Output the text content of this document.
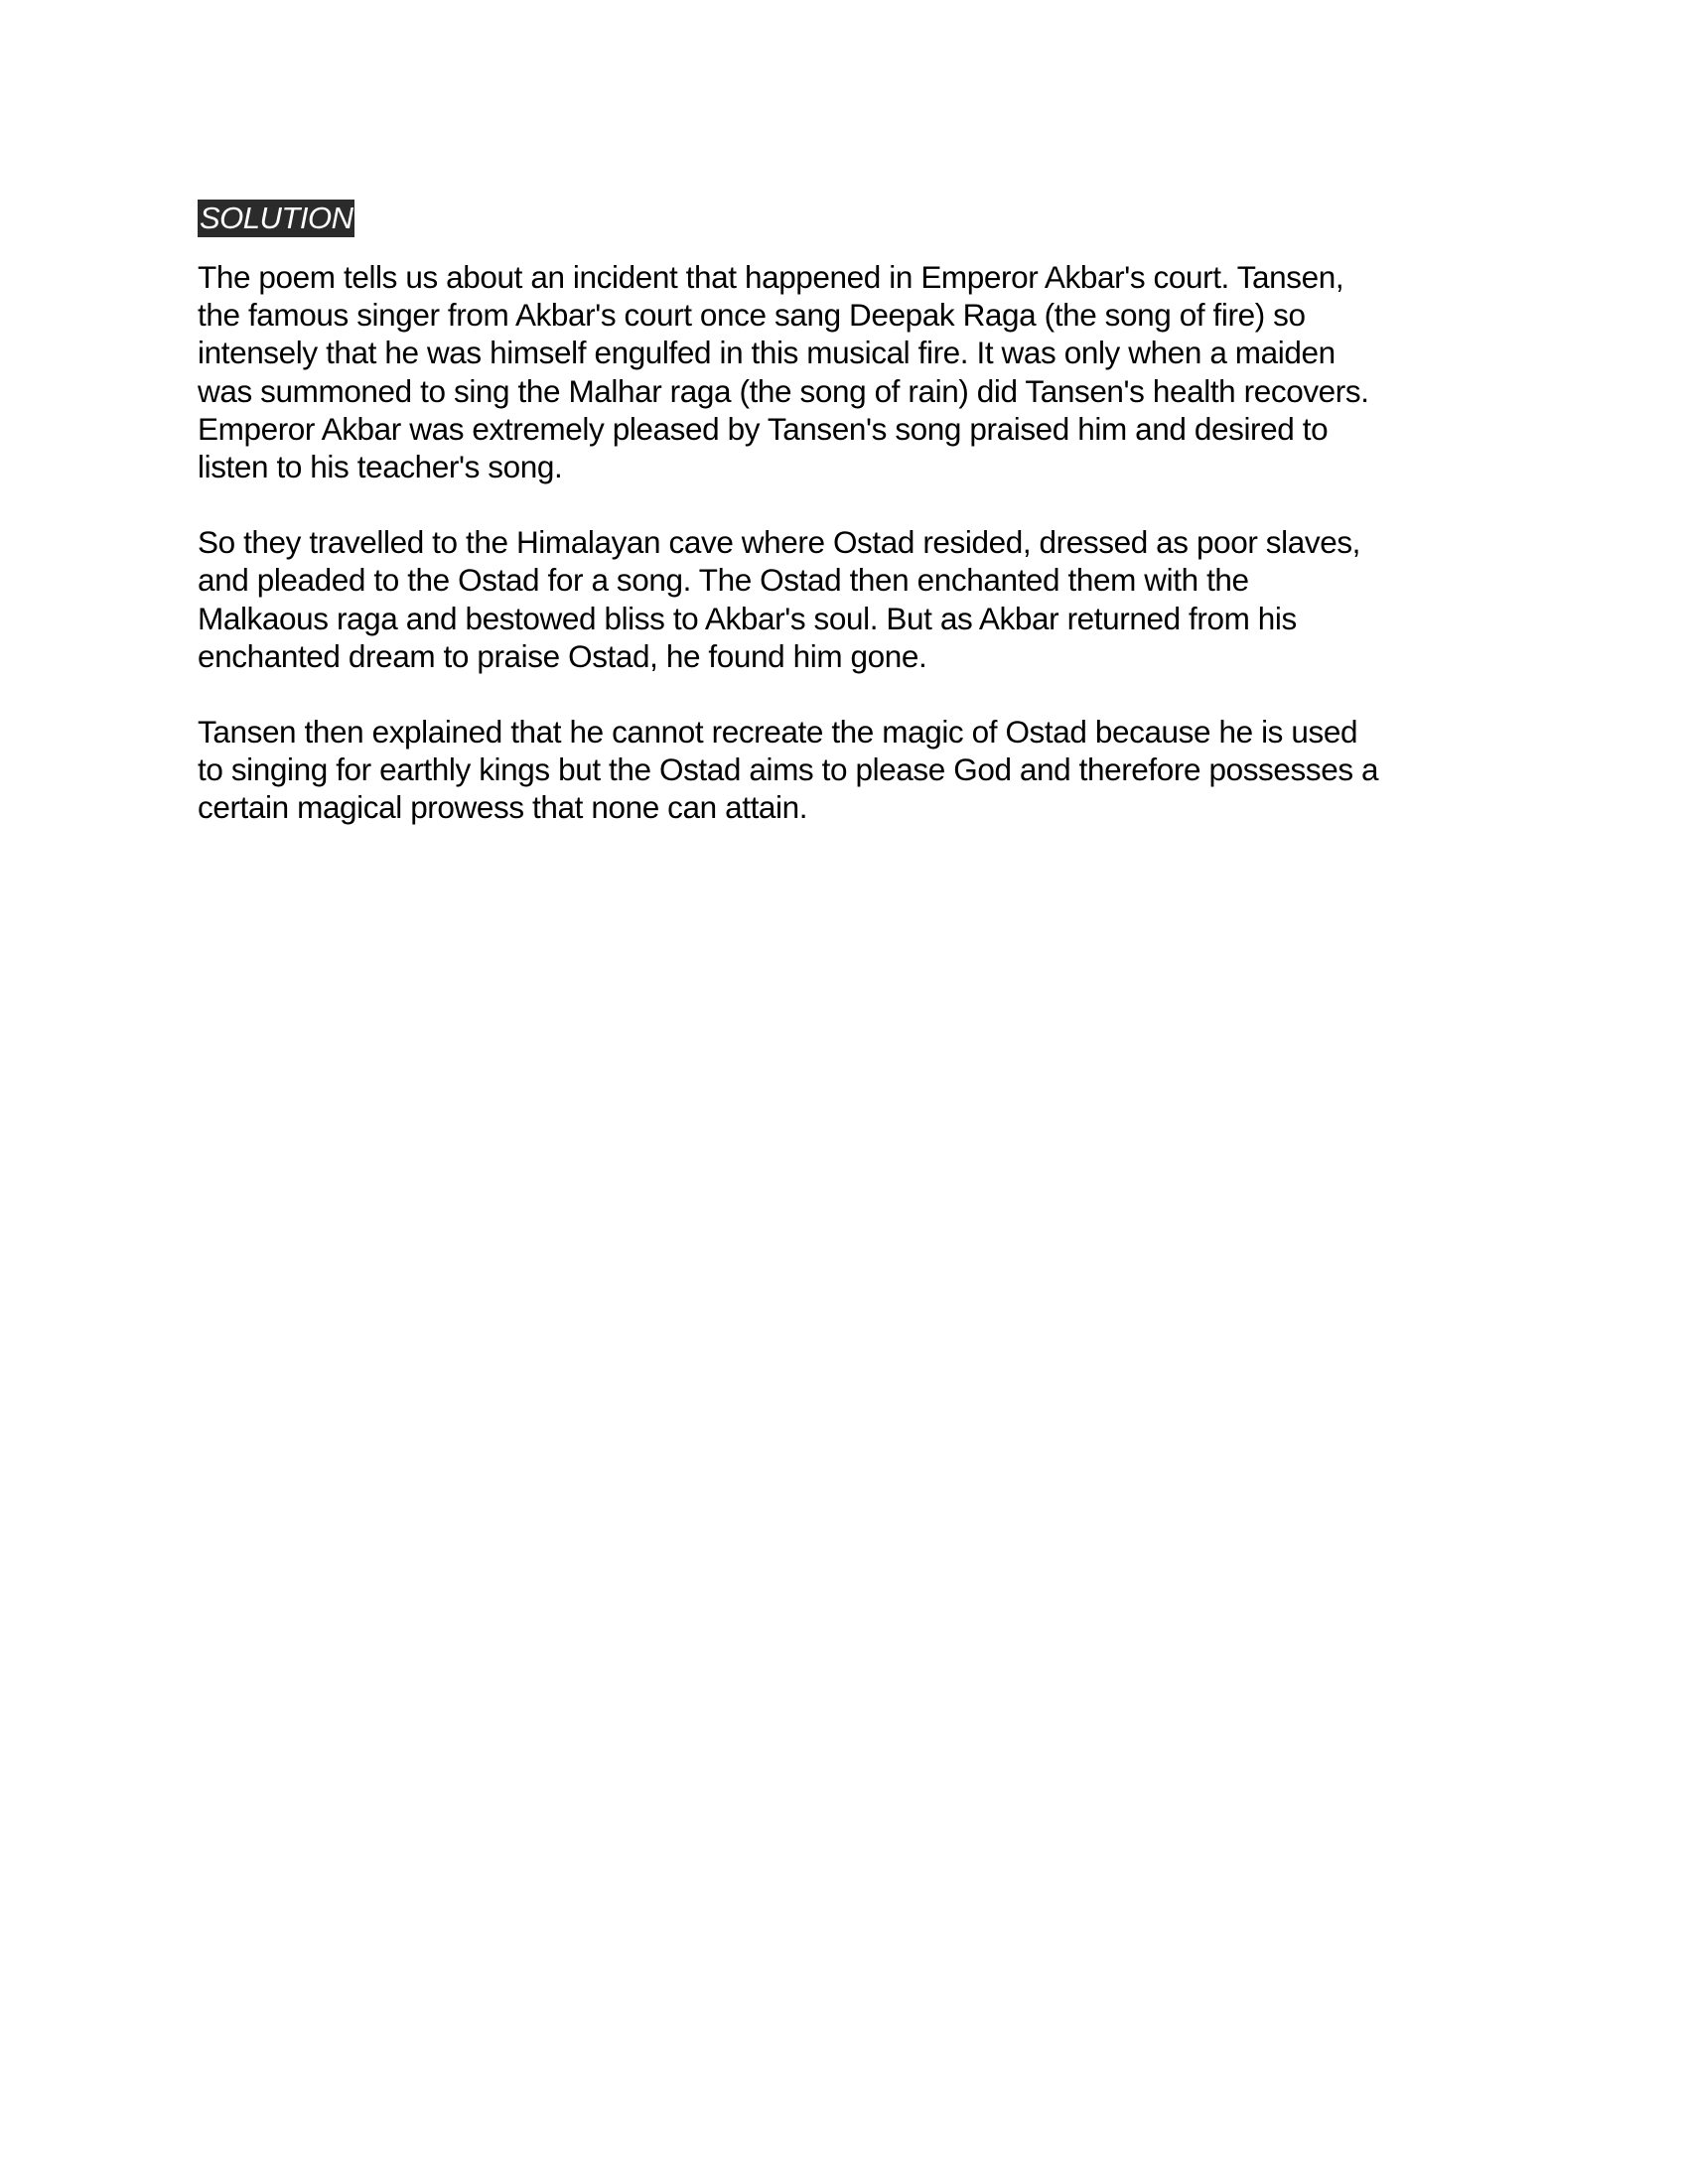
SOLUTION

The poem tells us about an incident that happened in Emperor Akbar's court. Tansen,
the famous singer from Akbar's court once sang Deepak Raga (the song of fire) so
intensely that he was himself engulfed in this musical fire. It was only when a maiden
was summoned to sing the Malhar raga (the song of rain) did Tansen's health recovers.
Emperor Akbar was extremely pleased by Tansen's song praised him and desired to
listen to his teacher's song.

So they travelled to the Himalayan cave where Ostad resided, dressed as poor slaves,
and pleaded to the Ostad for a song. The Ostad then enchanted them with the
Malkaous raga and bestowed bliss to Akbar's soul. But as Akbar returned from his
enchanted dream to praise Ostad, he found him gone.

Tansen then explained that he cannot recreate the magic of Ostad because he is used
to singing for earthly kings but the Ostad aims to please God and therefore possesses a
certain magical prowess that none can attain.
